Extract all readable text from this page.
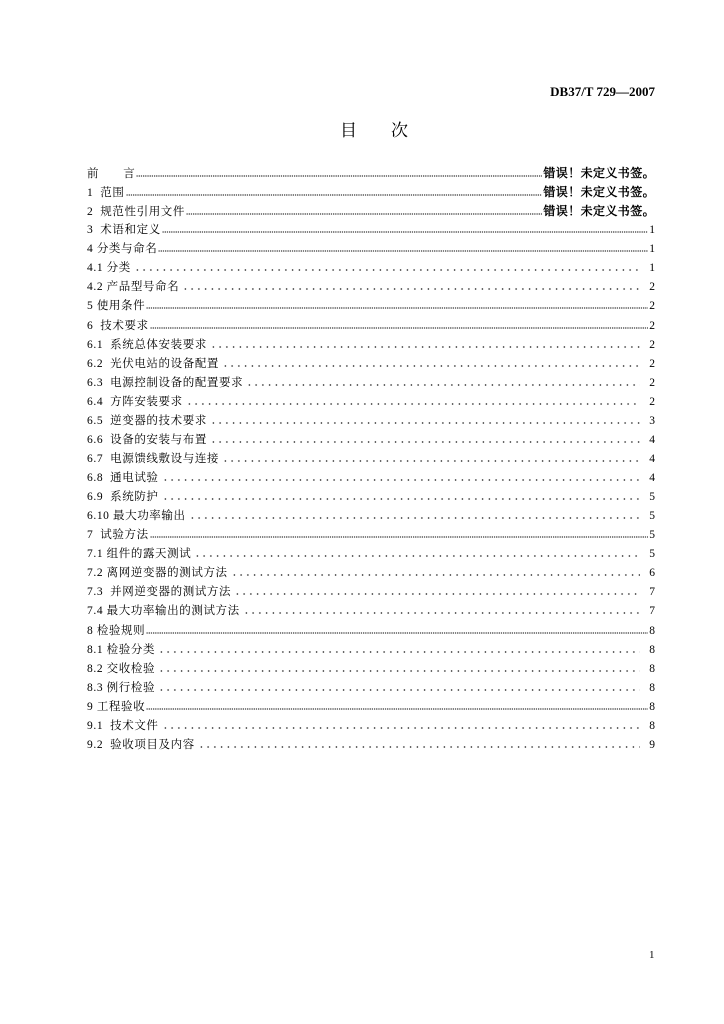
DB37/T 729—2007
目　　次
前　　言	错误！未定义书签。
1  范围	错误！未定义书签。
2  规范性引用文件	错误！未定义书签。
3  术语和定义	1
4 分类与命名	1
4.1 分类	1
4.2 产品型号命名	2
5 使用条件	2
6  技术要求	2
6.1  系统总体安装要求	2
6.2  光伏电站的设备配置	2
6.3  电源控制设备的配置要求	2
6.4  方阵安装要求	2
6.5  逆变器的技术要求	3
6.6  设备的安装与布置	4
6.7  电源馈线敷设与连接	4
6.8  通电试验	4
6.9  系统防护	5
6.10 最大功率输出	5
7  试验方法	5
7.1 组件的露天测试	5
7.2 离网逆变器的测试方法	6
7.3  并网逆变器的测试方法	7
7.4 最大功率输出的测试方法	7
8 检验规则	8
8.1 检验分类	8
8.2 交收检验	8
8.3 例行检验	8
9 工程验收	8
9.1  技术文件	8
9.2  验收项目及内容	9
1
